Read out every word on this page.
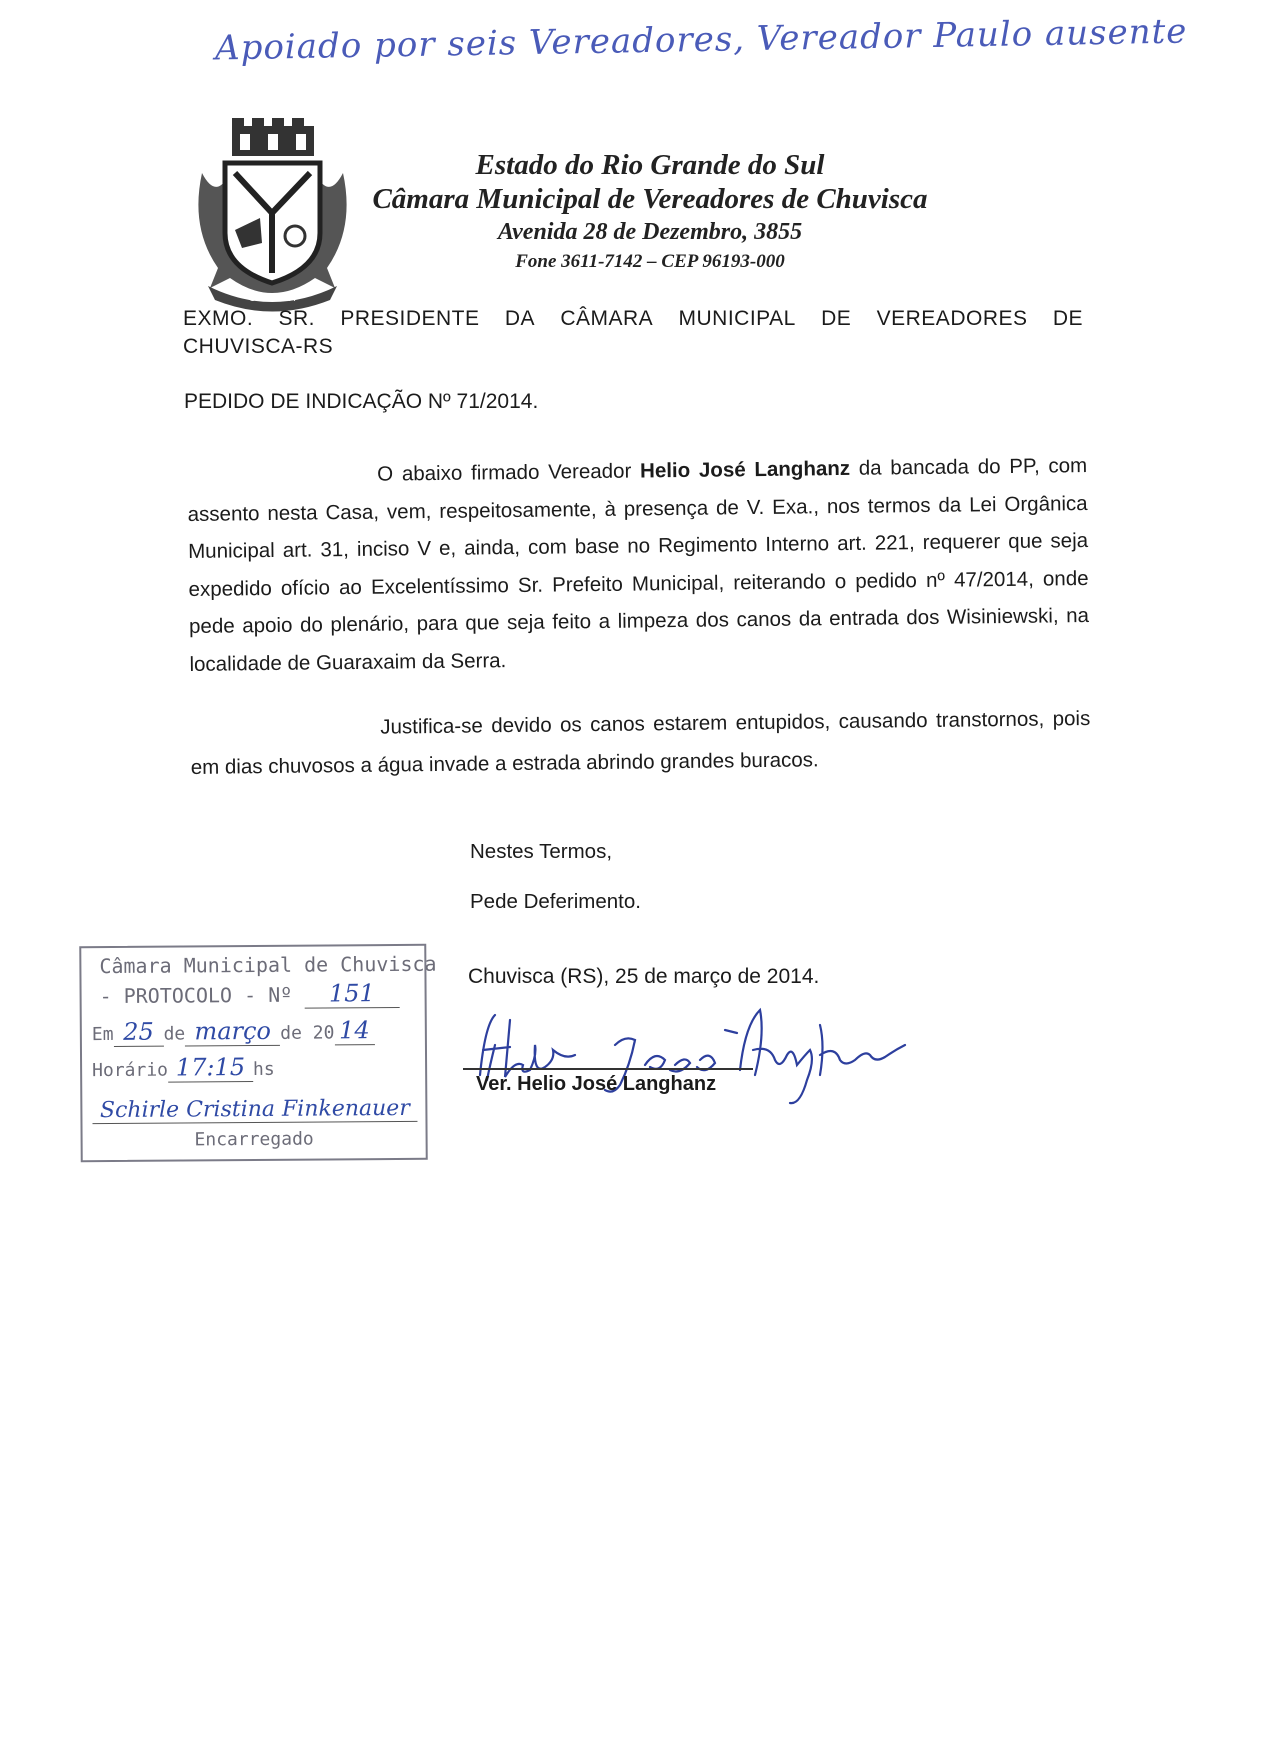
Apoiado por seis Vereadores, Vereador Paulo ausente
CHUVISCA
Estado do Rio Grande do Sul
Câmara Municipal de Vereadores de Chuvisca
Avenida 28 de Dezembro, 3855
Fone 3611-7142 – CEP 96193-000
EXMO. SR. PRESIDENTE DA CÂMARA MUNICIPAL DE VEREADORES DE
CHUVISCA-RS
PEDIDO DE INDICAÇÃO Nº 71/2014.

O abaixo firmado Vereador Helio José Langhanz da bancada do PP, com assento nesta Casa, vem, respeitosamente, à presença de V. Exa., nos termos da Lei Orgânica Municipal art. 31, inciso V e, ainda, com base no Regimento Interno art. 221, requerer que seja expedido ofício ao Excelentíssimo Sr. Prefeito Municipal, reiterando o pedido nº 47/2014, onde pede apoio do plenário, para que seja feito a limpeza dos canos da entrada dos Wisiniewski, na localidade de Guaraxaim da Serra.

Justifica-se devido os canos estarem entupidos, causando transtornos, pois em dias chuvosos a água invade a estrada abrindo grandes buracos.

Nestes Termos,
Pede Deferimento.
Chuvisca (RS), 25 de março de 2014.
Câmara Municipal de Chuvisca
- PROTOCOLO - Nº 151
Em 25 de março de 20 14
Horário 17:15 hs
Schirle Cristina Finkenauer
Encarregado
Ver. Helio José Langhanz
